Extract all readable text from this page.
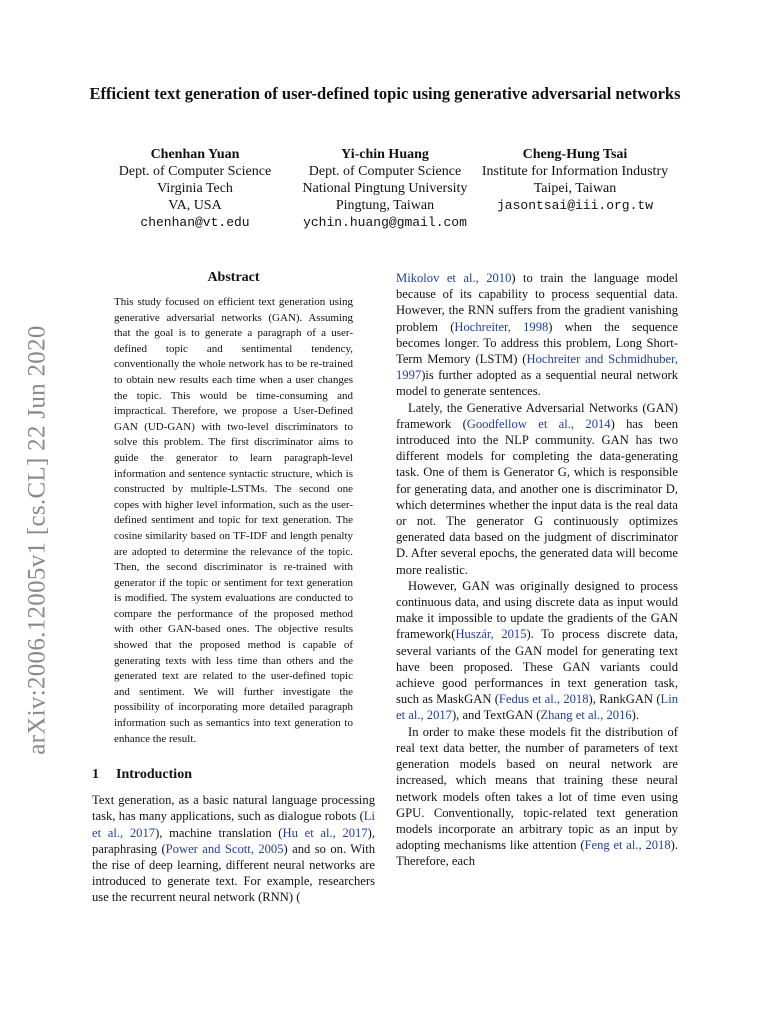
arXiv:2006.12005v1 [cs.CL] 22 Jun 2020
Efficient text generation of user-defined topic using generative adversarial networks
Chenhan Yuan
Dept. of Computer Science
Virginia Tech
VA, USA
chenhan@vt.edu
Yi-chin Huang
Dept. of Computer Science
National Pingtung University
Pingtung, Taiwan
ychin.huang@gmail.com
Cheng-Hung Tsai
Institute for Information Industry
Taipei, Taiwan
jasontsai@iii.org.tw
Abstract
This study focused on efficient text generation using generative adversarial networks (GAN). Assuming that the goal is to generate a paragraph of a user-defined topic and sentimental tendency, conventionally the whole network has to be re-trained to obtain new results each time when a user changes the topic. This would be time-consuming and impractical. Therefore, we propose a User-Defined GAN (UD-GAN) with two-level discriminators to solve this problem. The first discriminator aims to guide the generator to learn paragraph-level information and sentence syntactic structure, which is constructed by multiple-LSTMs. The second one copes with higher level information, such as the user-defined sentiment and topic for text generation. The cosine similarity based on TF-IDF and length penalty are adopted to determine the relevance of the topic. Then, the second discriminator is re-trained with generator if the topic or sentiment for text generation is modified. The system evaluations are conducted to compare the performance of the proposed method with other GAN-based ones. The objective results showed that the proposed method is capable of generating texts with less time than others and the generated text are related to the user-defined topic and sentiment. We will further investigate the possibility of incorporating more detailed paragraph information such as semantics into text generation to enhance the result.
1 Introduction

Text generation, as a basic natural language processing task, has many applications, such as dialogue robots (Li et al., 2017), machine translation (Hu et al., 2017), paraphrasing (Power and Scott, 2005) and so on. With the rise of deep learning, different neural networks are introduced to generate text. For example, researchers use the recurrent neural network (RNN) (

Mikolov et al., 2010) to train the language model because of its capability to process sequential data. However, the RNN suffers from the gradient vanishing problem (Hochreiter, 1998) when the sequence becomes longer. To address this problem, Long Short-Term Memory (LSTM) (Hochreiter and Schmidhuber, 1997)is further adopted as a sequential neural network model to generate sentences.

Lately, the Generative Adversarial Networks (GAN) framework (Goodfellow et al., 2014) has been introduced into the NLP community. GAN has two different models for completing the data-generating task. One of them is Generator G, which is responsible for generating data, and another one is discriminator D, which determines whether the input data is the real data or not. The generator G continuously optimizes generated data based on the judgment of discriminator D. After several epochs, the generated data will become more realistic.

However, GAN was originally designed to process continuous data, and using discrete data as input would make it impossible to update the gradients of the GAN framework(Huszár, 2015). To process discrete data, several variants of the GAN model for generating text have been proposed. These GAN variants could achieve good performances in text generation task, such as MaskGAN (Fedus et al., 2018), RankGAN (Lin et al., 2017), and TextGAN (Zhang et al., 2016).

In order to make these models fit the distribution of real text data better, the number of parameters of text generation models based on neural network are increased, which means that training these neural network models often takes a lot of time even using GPU. Conventionally, topic-related text generation models incorporate an arbitrary topic as an input by adopting mechanisms like attention (Feng et al., 2018). Therefore, each
